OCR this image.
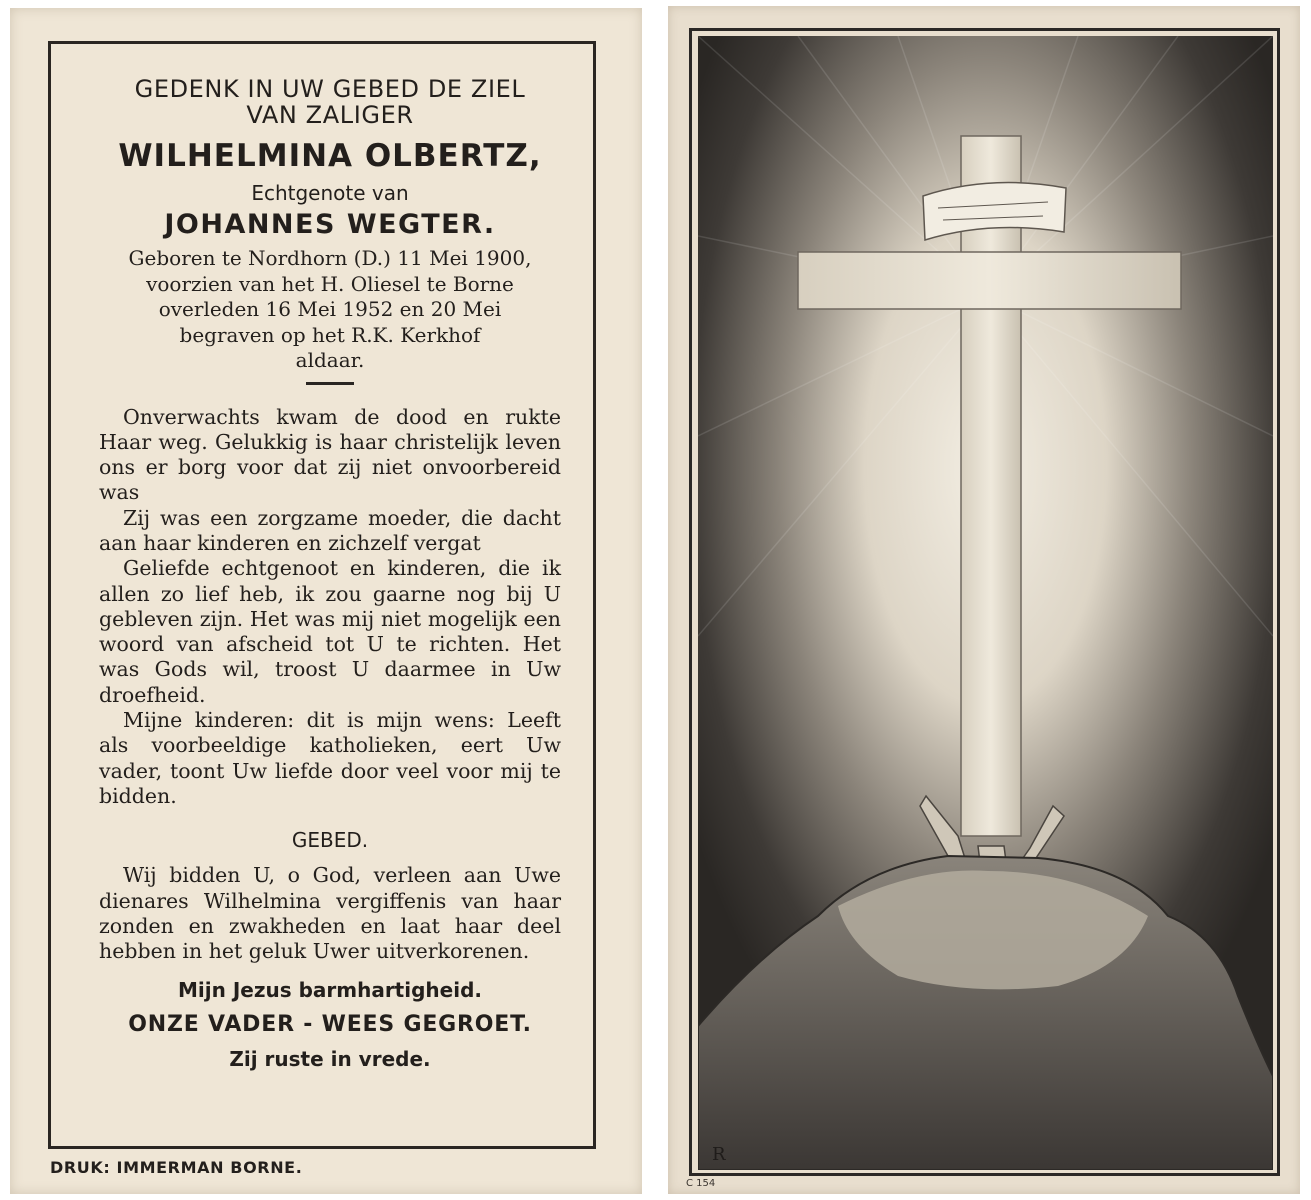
GEDENK IN UW GEBED DE ZIEL

VAN ZALIGER

WILHELMINA OLBERTZ,

Echtgenote van

JOHANNES WEGTER.

Geboren te Nordhorn (D.) 11 Mei 1900,

voorzien van het H. Oliesel te Borne

overleden 16 Mei 1952 en 20 Mei

begraven op het R.K. Kerkhof

aldaar.

Onverwachts kwam de dood en rukte Haar weg. Gelukkig is haar christelijk leven ons er borg voor dat zij niet onvoorbereid was

Zij was een zorgzame moeder, die dacht aan haar kinderen en zichzelf vergat

Geliefde echtgenoot en kinderen, die ik allen zo lief heb, ik zou gaarne nog bij U gebleven zijn. Het was mij niet mogelijk een woord van afscheid tot U te richten. Het was Gods wil, troost U daarmee in Uw droefheid.

Mijne kinderen: dit is mijn wens: Leeft als voorbeeldige katholieken, eert Uw vader, toont Uw liefde door veel voor mij te bidden.

GEBED.

Wij bidden U, o God, verleen aan Uwe dienares Wilhelmina vergiffenis van haar zonden en zwakheden en laat haar deel hebben in het geluk Uwer uitverkorenen.

Mijn Jezus barmhartigheid.

ONZE VADER - WEES GEGROET.

Zij ruste in vrede.

DRUK: IMMERMAN BORNE.
R
C 154
